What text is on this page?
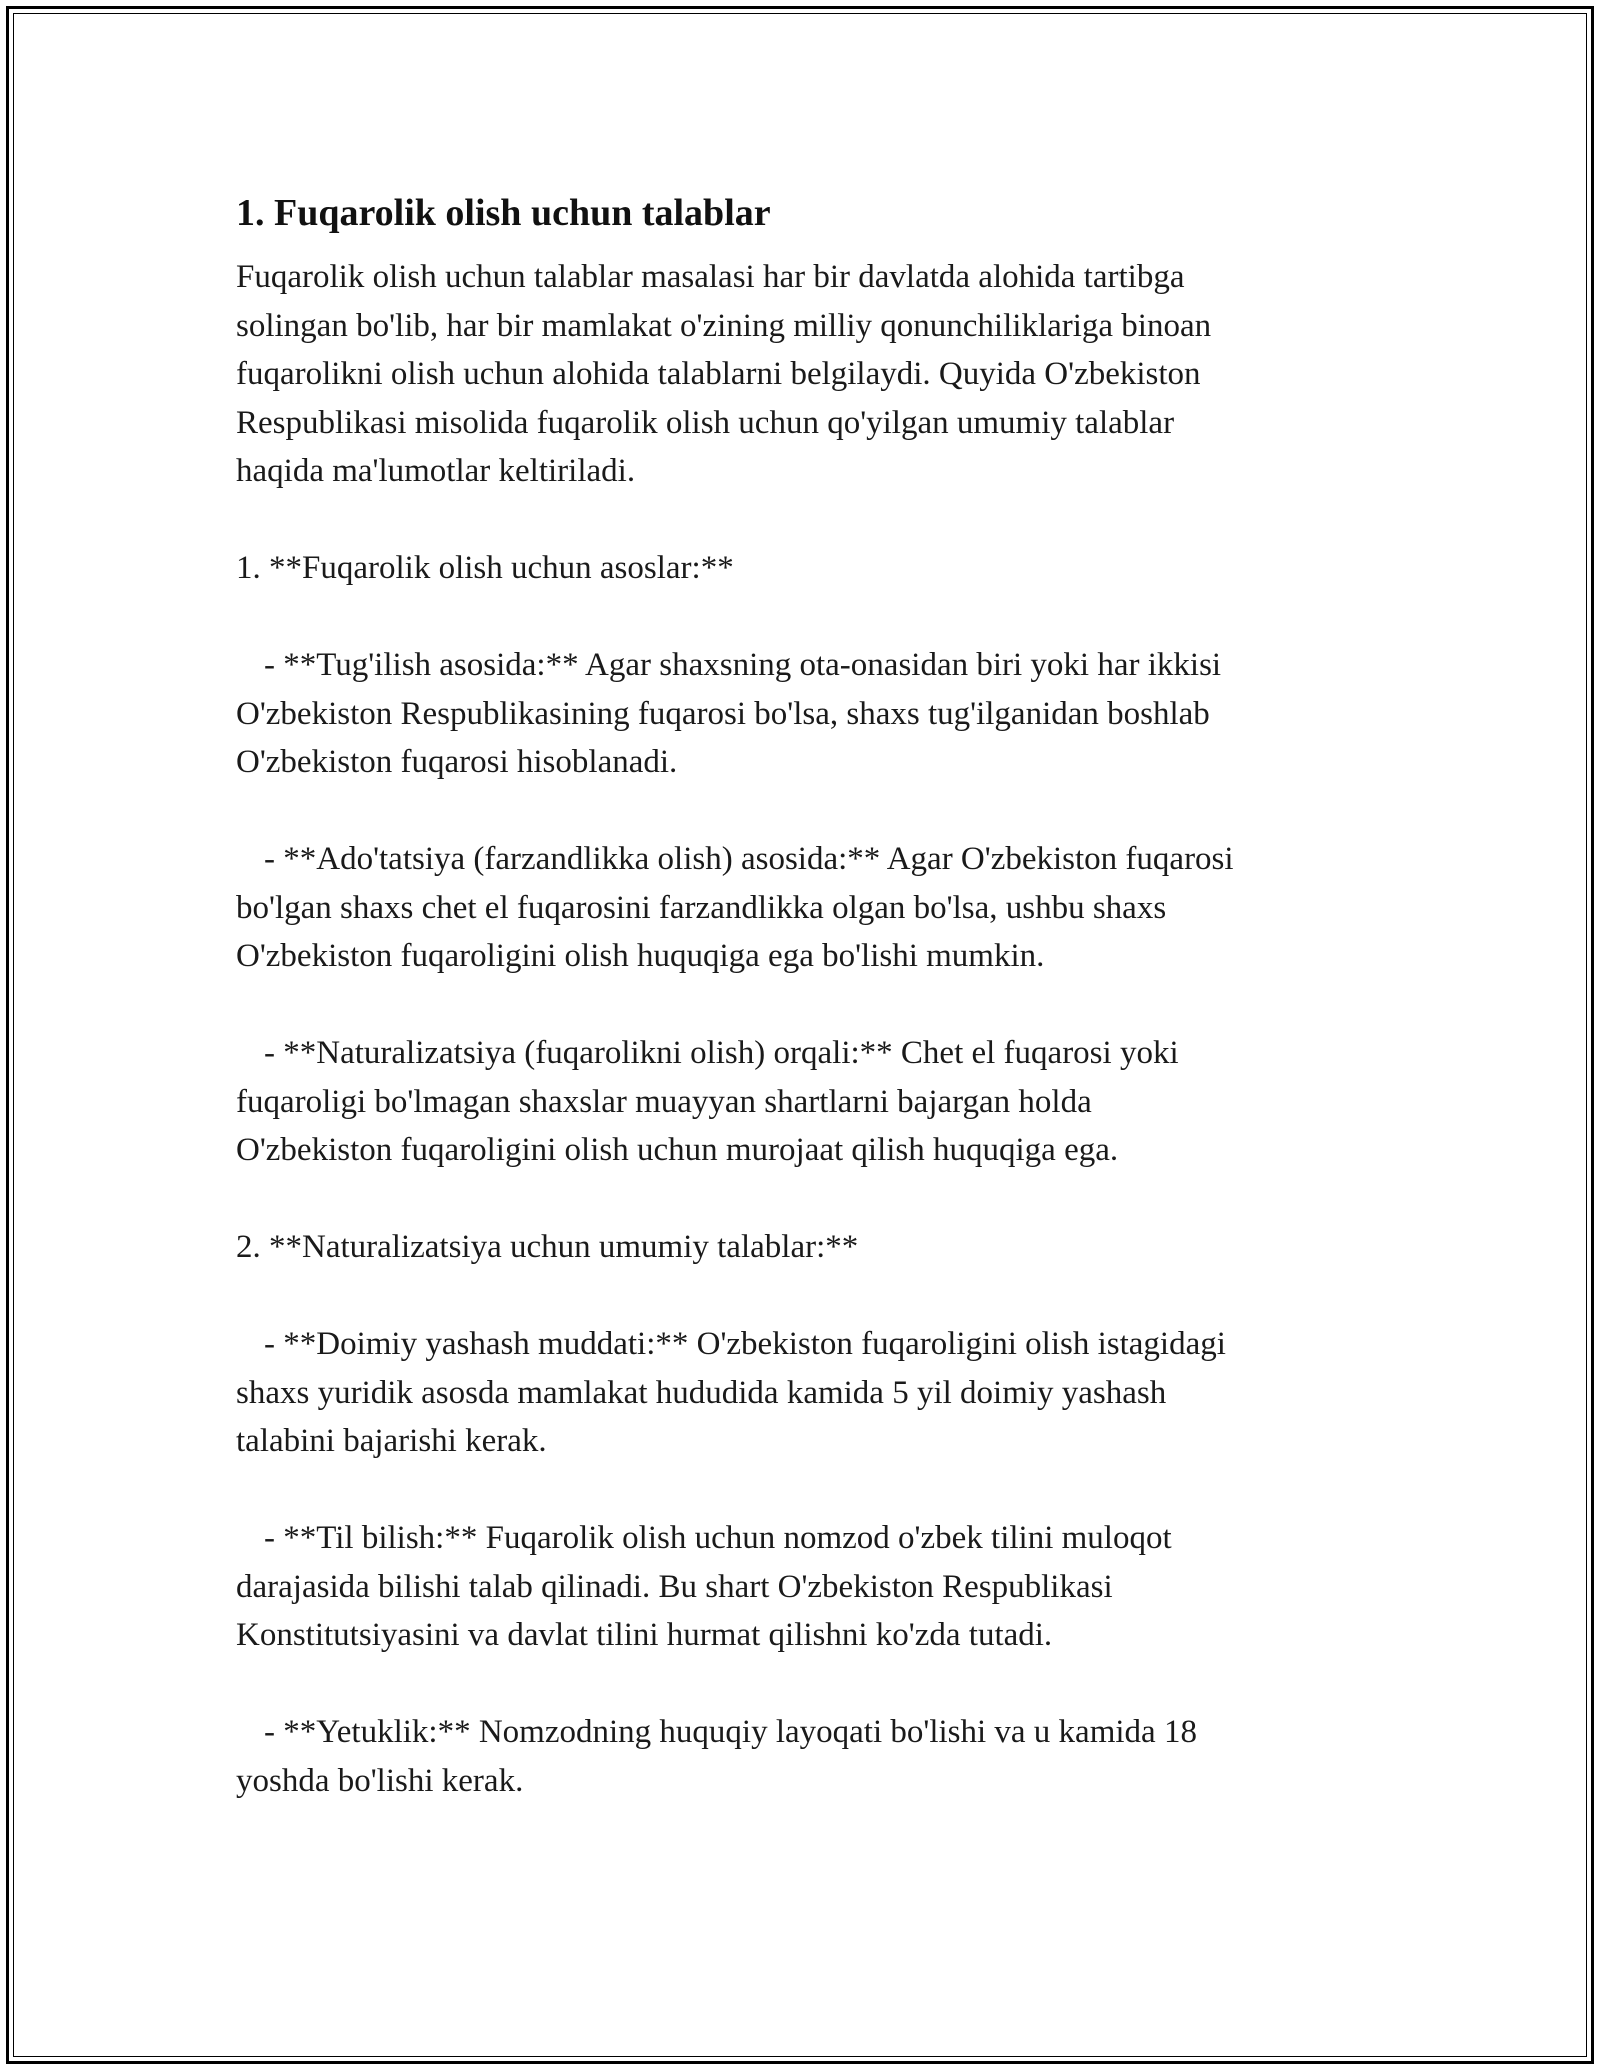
1. Fuqarolik olish uchun talablar

Fuqarolik olish uchun talablar masalasi har bir davlatda alohida tartibga

solingan bo'lib, har bir mamlakat o'zining milliy qonunchiliklariga binoan

fuqarolikni olish uchun alohida talablarni belgilaydi. Quyida O'zbekiston

Respublikasi misolida fuqarolik olish uchun qo'yilgan umumiy talablar

haqida ma'lumotlar keltiriladi.

1. **Fuqarolik olish uchun asoslar:**

- **Tug'ilish asosida:** Agar shaxsning ota-onasidan biri yoki har ikkisi

O'zbekiston Respublikasining fuqarosi bo'lsa, shaxs tug'ilganidan boshlab

O'zbekiston fuqarosi hisoblanadi.

- **Ado'tatsiya (farzandlikka olish) asosida:** Agar O'zbekiston fuqarosi

bo'lgan shaxs chet el fuqarosini farzandlikka olgan bo'lsa, ushbu shaxs

O'zbekiston fuqaroligini olish huquqiga ega bo'lishi mumkin.

- **Naturalizatsiya (fuqarolikni olish) orqali:** Chet el fuqarosi yoki

fuqaroligi bo'lmagan shaxslar muayyan shartlarni bajargan holda

O'zbekiston fuqaroligini olish uchun murojaat qilish huquqiga ega.

2. **Naturalizatsiya uchun umumiy talablar:**

- **Doimiy yashash muddati:** O'zbekiston fuqaroligini olish istagidagi

shaxs yuridik asosda mamlakat hududida kamida 5 yil doimiy yashash

talabini bajarishi kerak.

- **Til bilish:** Fuqarolik olish uchun nomzod o'zbek tilini muloqot

darajasida bilishi talab qilinadi. Bu shart O'zbekiston Respublikasi

Konstitutsiyasini va davlat tilini hurmat qilishni ko'zda tutadi.

- **Yetuklik:** Nomzodning huquqiy layoqati bo'lishi va u kamida 18

yoshda bo'lishi kerak.
